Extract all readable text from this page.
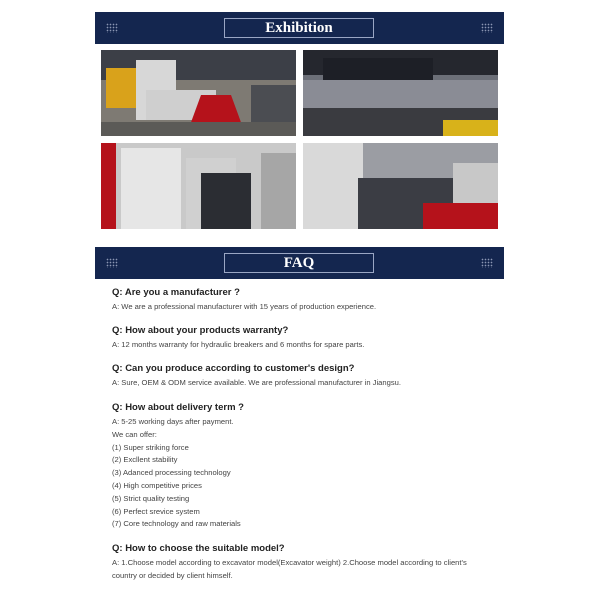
Exhibition
FAQ
Q: Are you a manufacturer ?
A: We are a professional manufacturer with 15 years of production experience.
Q: How about your products warranty?
A: 12 months warranty for hydraulic breakers and 6 months for spare parts.
Q: Can you produce according to customer's design?
A: Sure, OEM & ODM service available. We are professional manufacturer in Jiangsu.
Q: How about delivery term ?
A: 5-25 working days after payment.
We can offer:
(1) Super striking force
(2) Excllent stability
(3) Adanced processing technology
(4) High competitive prices
(5) Strict quality testing
(6) Perfect srevice system
(7) Core technology and raw materials
Q: How to choose the suitable model?
A: 1.Choose model according to excavator model(Excavator weight) 2.Choose model according to client's
country or decided by client himself.
